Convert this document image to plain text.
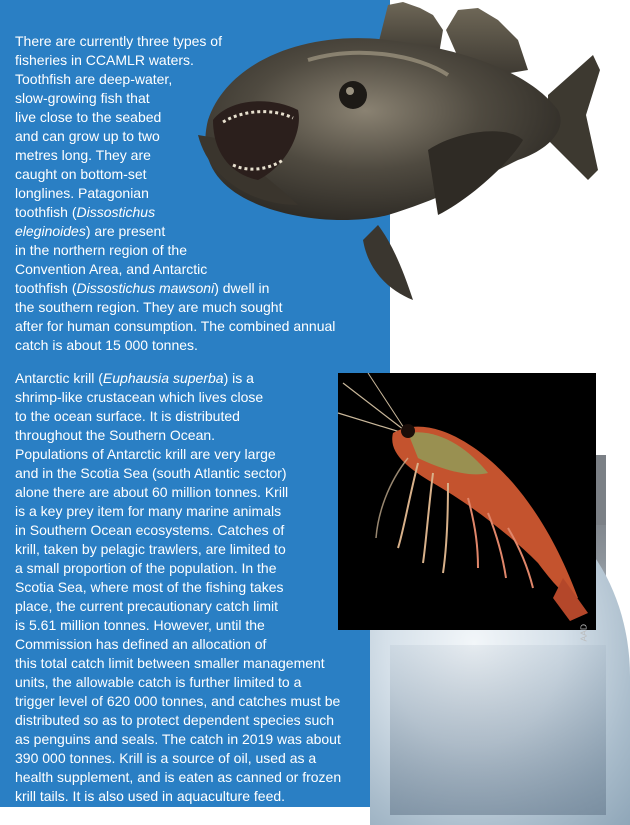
AAD
There are currently three types of
fisheries in CCAMLR waters.
Toothfish are deep-water,
slow-growing fish that
live close to the seabed
and can grow up to two
metres long. They are
caught on bottom-set
longlines. Patagonian
toothfish (Dissostichus
eleginoides) are present
in the northern region of the
Convention Area, and Antarctic
toothfish (Dissostichus mawsoni) dwell in
the southern region. They are much sought
after for human consumption. The combined annual
catch is about 15 000 tonnes.
Antarctic krill (Euphausia superba) is a
shrimp-like crustacean which lives close
to the ocean surface. It is distributed
throughout the Southern Ocean.
Populations of Antarctic krill are very large
and in the Scotia Sea (south Atlantic sector)
alone there are about 60 million tonnes. Krill
is a key prey item for many marine animals
in Southern Ocean ecosystems. Catches of
krill, taken by pelagic trawlers, are limited to
a small proportion of the population. In the
Scotia Sea, where most of the fishing takes
place, the current precautionary catch limit
is 5.61 million tonnes. However, until the
Commission has defined an allocation of
this total catch limit between smaller management
units, the allowable catch is further limited to a
trigger level of 620 000 tonnes, and catches must be
distributed so as to protect dependent species such
as penguins and seals. The catch in 2019 was about
390 000 tonnes. Krill is a source of oil, used as a
health supplement, and is eaten as canned or frozen
krill tails. It is also used in aquaculture feed.
